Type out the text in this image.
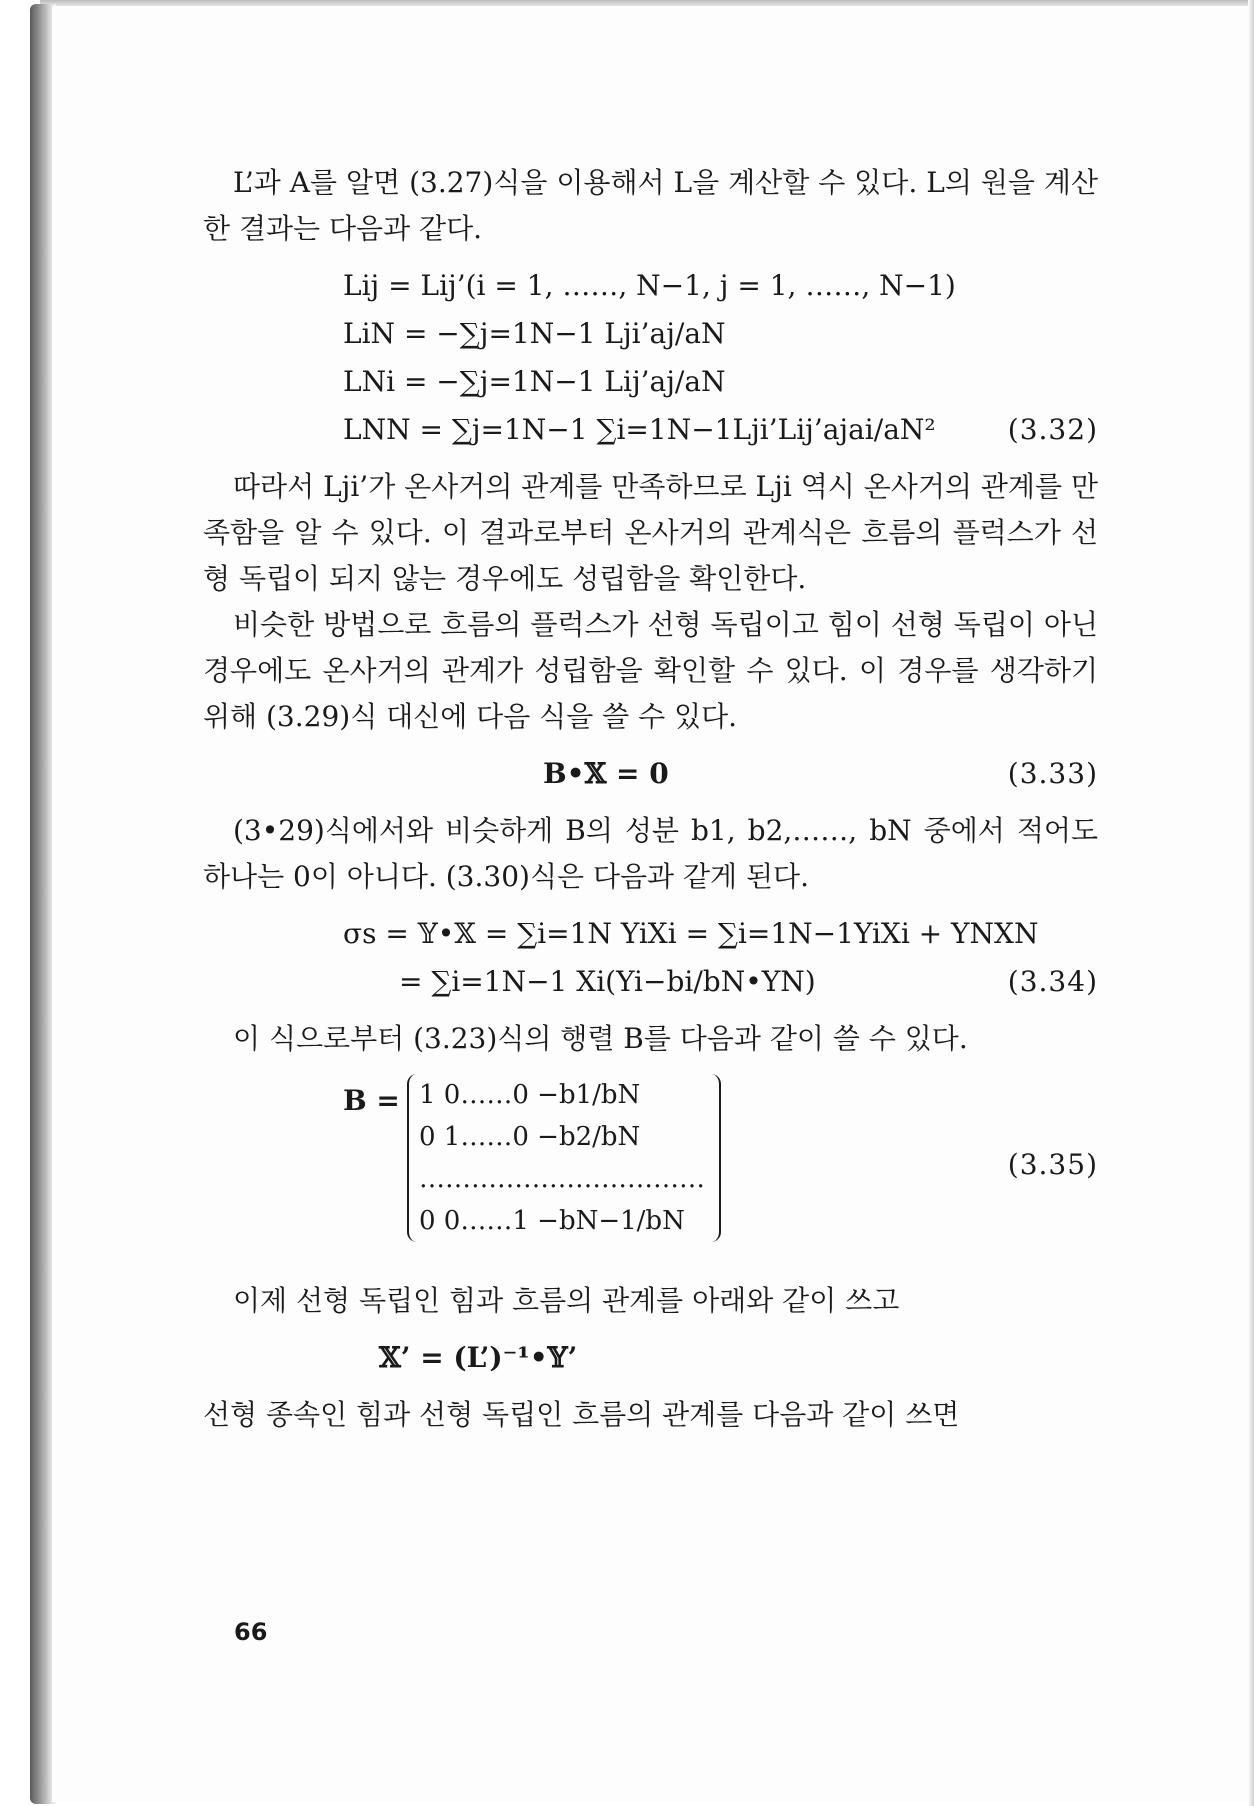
L’과 A를 알면 (3.27)식을 이용해서 L을 계산할 수 있다. L의 원을 계산한 결과는 다음과 같다.

Lij = Lij’(i = 1, ……, N−1, j = 1, ……, N−1)
LiN = −∑j=1N−1 Lji’aj/aN
LNi = −∑j=1N−1 Lij’aj/aN
LNN = ∑j=1N−1 ∑i=1N−1Lji’Lij’ajai/aN²	(3.32)

따라서 Lji’가 온사거의 관계를 만족하므로 Lji 역시 온사거의 관계를 만족함을 알 수 있다. 이 결과로부터 온사거의 관계식은 흐름의 플럭스가 선형 독립이 되지 않는 경우에도 성립함을 확인한다.

비슷한 방법으로 흐름의 플럭스가 선형 독립이고 힘이 선형 독립이 아닌 경우에도 온사거의 관계가 성립함을 확인할 수 있다. 이 경우를 생각하기 위해 (3.29)식 대신에 다음 식을 쓸 수 있다.

B•𝕏 = 0	(3.33)

(3•29)식에서와 비슷하게 B의 성분 b1, b2,……, bN 중에서 적어도 하나는 0이 아니다. (3.30)식은 다음과 같게 된다.

σs = 𝕐•𝕏 = ∑i=1N YiXi = ∑i=1N−1YiXi + YNXN
= ∑i=1N−1 Xi(Yi−bi/bN•YN)	(3.34)

이 식으로부터 (3.23)식의 행렬 B를 다음과 같이 쓸 수 있다.

B = 1 0……0 −b1/bN
0 1……0 −b2/bN
……………………………
0 0……1 −bN−1/bN
(3.35)

이제 선형 독립인 힘과 흐름의 관계를 아래와 같이 쓰고

𝕏’ = (L’)⁻¹•𝕐’

선형 종속인 힘과 선형 독립인 흐름의 관계를 다음과 같이 쓰면

66
